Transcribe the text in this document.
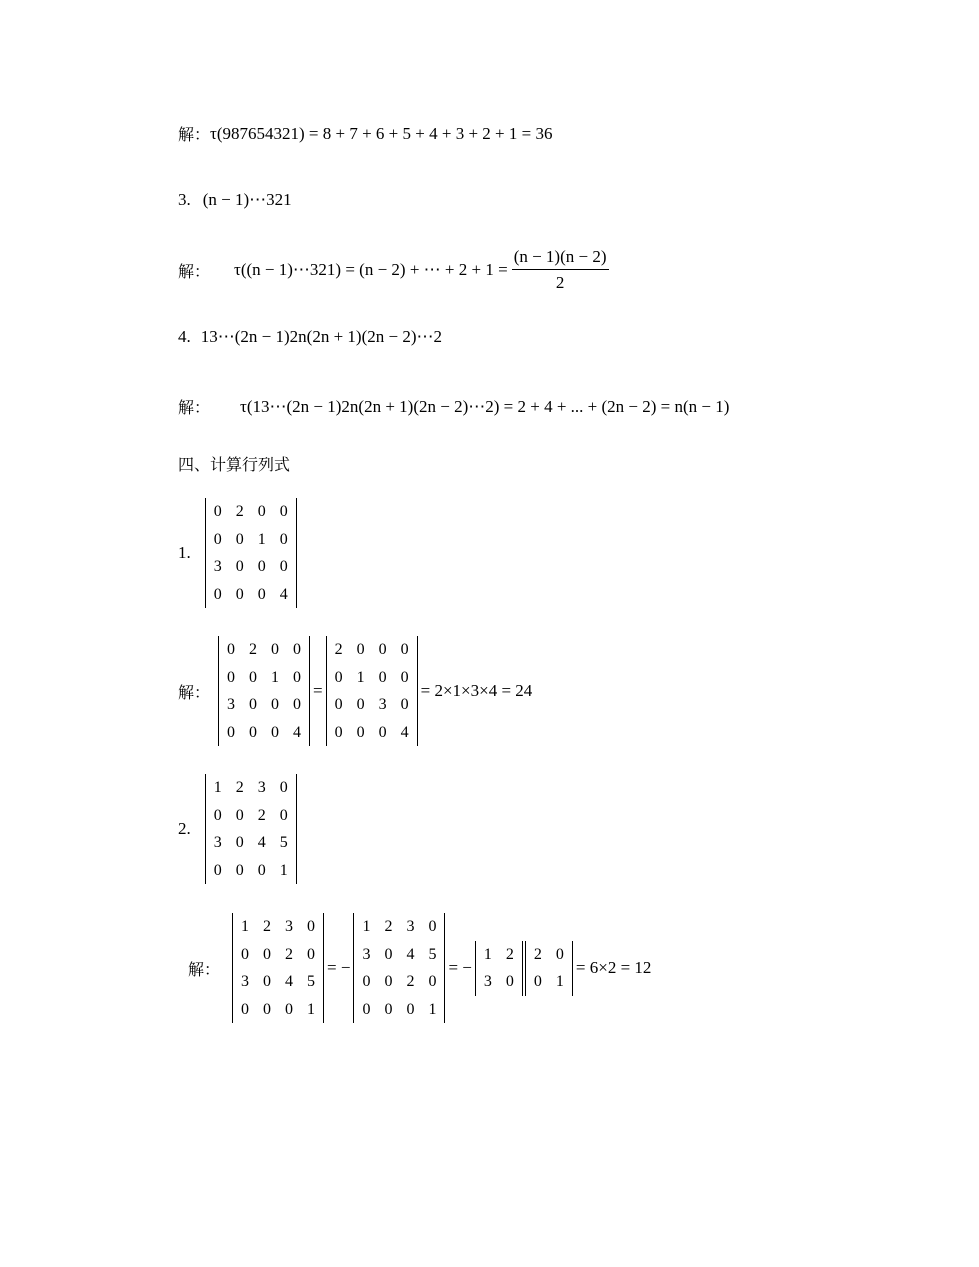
解： τ(987654321) = 8 + 7 + 6 + 5 + 4 + 3 + 2 + 1 = 36
3. (n − 1)⋯321
解： τ((n − 1)⋯321) = (n − 2) + ⋯ + $2 + 1 = \frac{(n - 1)(n - 2)}{2}$
4. 13⋯(2n − 1)2n(2n + 1)(2n − 2)⋯2
解： τ(13⋯(2n − 1)2n(2n + 1)(2n − 2)⋯2) = 2 + 4 + ... + (2n − 2) = n(n − 1)
四、计算行列式
1.
0 2 0 0
0 0 1 0
3 0 0 0
0 0 0 4
解：
0 2 0 0
0 0 1 0
3 0 0 0
0 0 0 4
=
2 0 0 0
0 1 0 0
0 0 3 0
0 0 0 4
= 2×1×3×4 = 24
2.
1 2 3 0
0 0 2 0
3 0 4 5
0 0 0 1
解：
1 2 3 0
0 0 2 0
3 0 4 5
0 0 0 1
= −
1 2 3 0
3 0 4 5
0 0 2 0
0 0 0 1
= −
1 2
3 0
2 0
0 1
= 6×2 = 12
